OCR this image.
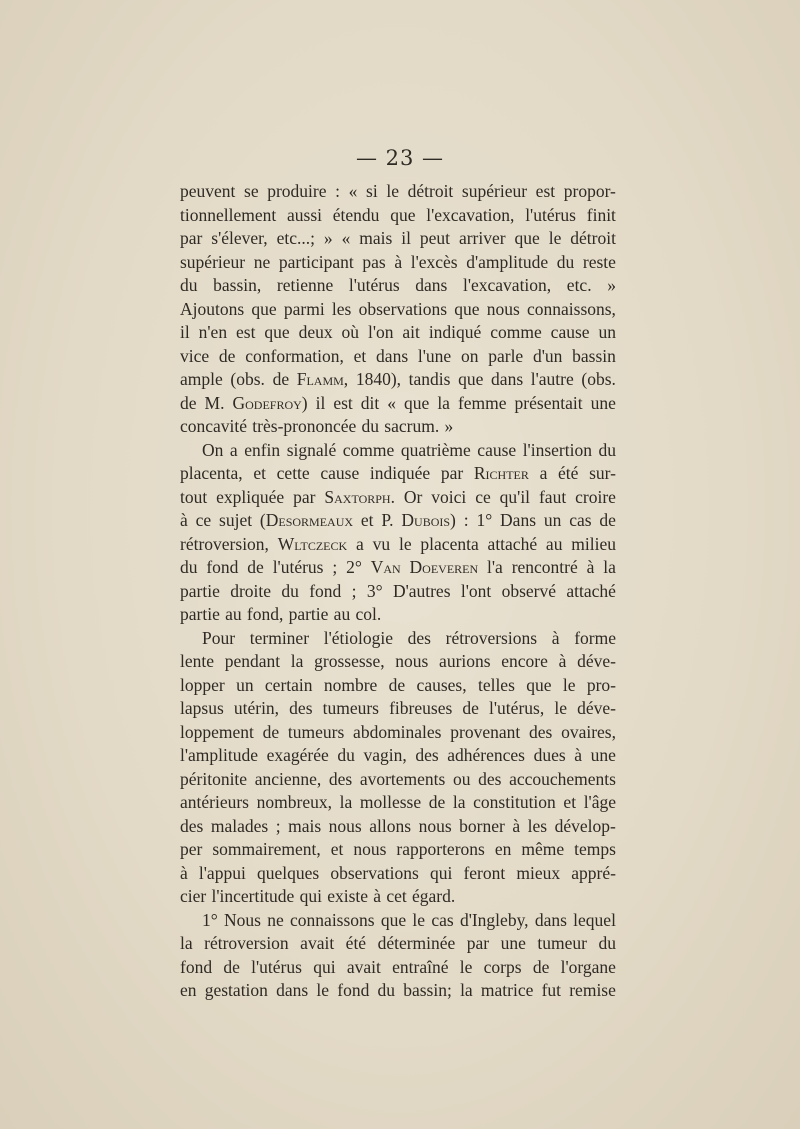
— 23 —
peuvent se produire : « si le détroit supérieur est propor-
tionnellement aussi étendu que l'excavation, l'utérus finit
par s'élever, etc...; » « mais il peut arriver que le détroit
supérieur ne participant pas à l'excès d'amplitude du reste
du bassin, retienne l'utérus dans l'excavation, etc. »
Ajoutons que parmi les observations que nous connaissons,
il n'en est que deux où l'on ait indiqué comme cause un
vice de conformation, et dans l'une on parle d'un bassin
ample (obs. de Flamm, 1840), tandis que dans l'autre (obs.
de M. Godefroy) il est dit « que la femme présentait une
concavité très-prononcée du sacrum. »
On a enfin signalé comme quatrième cause l'insertion du
placenta, et cette cause indiquée par Richter a été sur-
tout expliquée par Saxtorph. Or voici ce qu'il faut croire
à ce sujet (Desormeaux et P. Dubois) : 1° Dans un cas de
rétroversion, Wltczeck a vu le placenta attaché au milieu
du fond de l'utérus ; 2° Van Doeveren l'a rencontré à la
partie droite du fond ; 3° D'autres l'ont observé attaché
partie au fond, partie au col.
Pour terminer l'étiologie des rétroversions à forme
lente pendant la grossesse, nous aurions encore à déve-
lopper un certain nombre de causes, telles que le pro-
lapsus utérin, des tumeurs fibreuses de l'utérus, le déve-
loppement de tumeurs abdominales provenant des ovaires,
l'amplitude exagérée du vagin, des adhérences dues à une
péritonite ancienne, des avortements ou des accouchements
antérieurs nombreux, la mollesse de la constitution et l'âge
des malades ; mais nous allons nous borner à les dévelop-
per sommairement, et nous rapporterons en même temps
à l'appui quelques observations qui feront mieux appré-
cier l'incertitude qui existe à cet égard.
1° Nous ne connaissons que le cas d'Ingleby, dans lequel
la rétroversion avait été déterminée par une tumeur du
fond de l'utérus qui avait entraîné le corps de l'organe
en gestation dans le fond du bassin; la matrice fut remise
